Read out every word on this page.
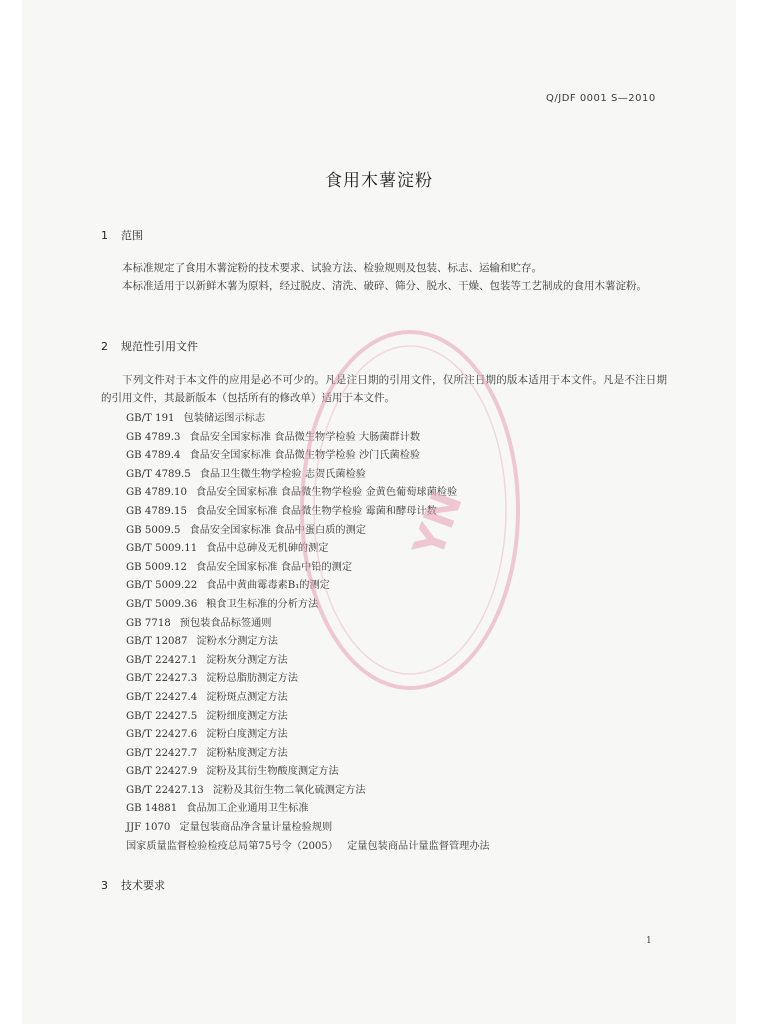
Q/JDF 0001 S—2010
食用木薯淀粉
1 范围
本标准规定了食用木薯淀粉的技术要求、试验方法、检验规则及包装、标志、运输和贮存。
本标准适用于以新鲜木薯为原料，经过脱皮、清洗、破碎、筛分、脱水、干燥、包装等工艺制成的食用木薯淀粉。
2 规范性引用文件
下列文件对于本文件的应用是必不可少的。凡是注日期的引用文件，仅所注日期的版本适用于本文件。凡是不注日期的引用文件，其最新版本（包括所有的修改单）适用于本文件。
GB/T 191 包装储运图示标志
GB 4789.3 食品安全国家标准 食品微生物学检验 大肠菌群计数
GB 4789.4 食品安全国家标准 食品微生物学检验 沙门氏菌检验
GB/T 4789.5 食品卫生微生物学检验 志贺氏菌检验
GB 4789.10 食品安全国家标准 食品微生物学检验 金黄色葡萄球菌检验
GB 4789.15 食品安全国家标准 食品微生物学检验 霉菌和酵母计数
GB 5009.5 食品安全国家标准 食品中蛋白质的测定
GB/T 5009.11 食品中总砷及无机砷的测定
GB 5009.12 食品安全国家标准 食品中铅的测定
GB/T 5009.22 食品中黄曲霉毒素B₁的测定
GB/T 5009.36 粮食卫生标准的分析方法
GB 7718 预包装食品标签通则
GB/T 12087 淀粉水分测定方法
GB/T 22427.1 淀粉灰分测定方法
GB/T 22427.3 淀粉总脂肪测定方法
GB/T 22427.4 淀粉斑点测定方法
GB/T 22427.5 淀粉细度测定方法
GB/T 22427.6 淀粉白度测定方法
GB/T 22427.7 淀粉粘度测定方法
GB/T 22427.9 淀粉及其衍生物酸度测定方法
GB/T 22427.13 淀粉及其衍生物二氧化硫测定方法
GB 14881 食品加工企业通用卫生标准
JJF 1070 定量包装商品净含量计量检验规则
国家质量监督检验检疫总局第75号令（2005） 定量包装商品计量监督管理办法
3 技术要求
1
YN
